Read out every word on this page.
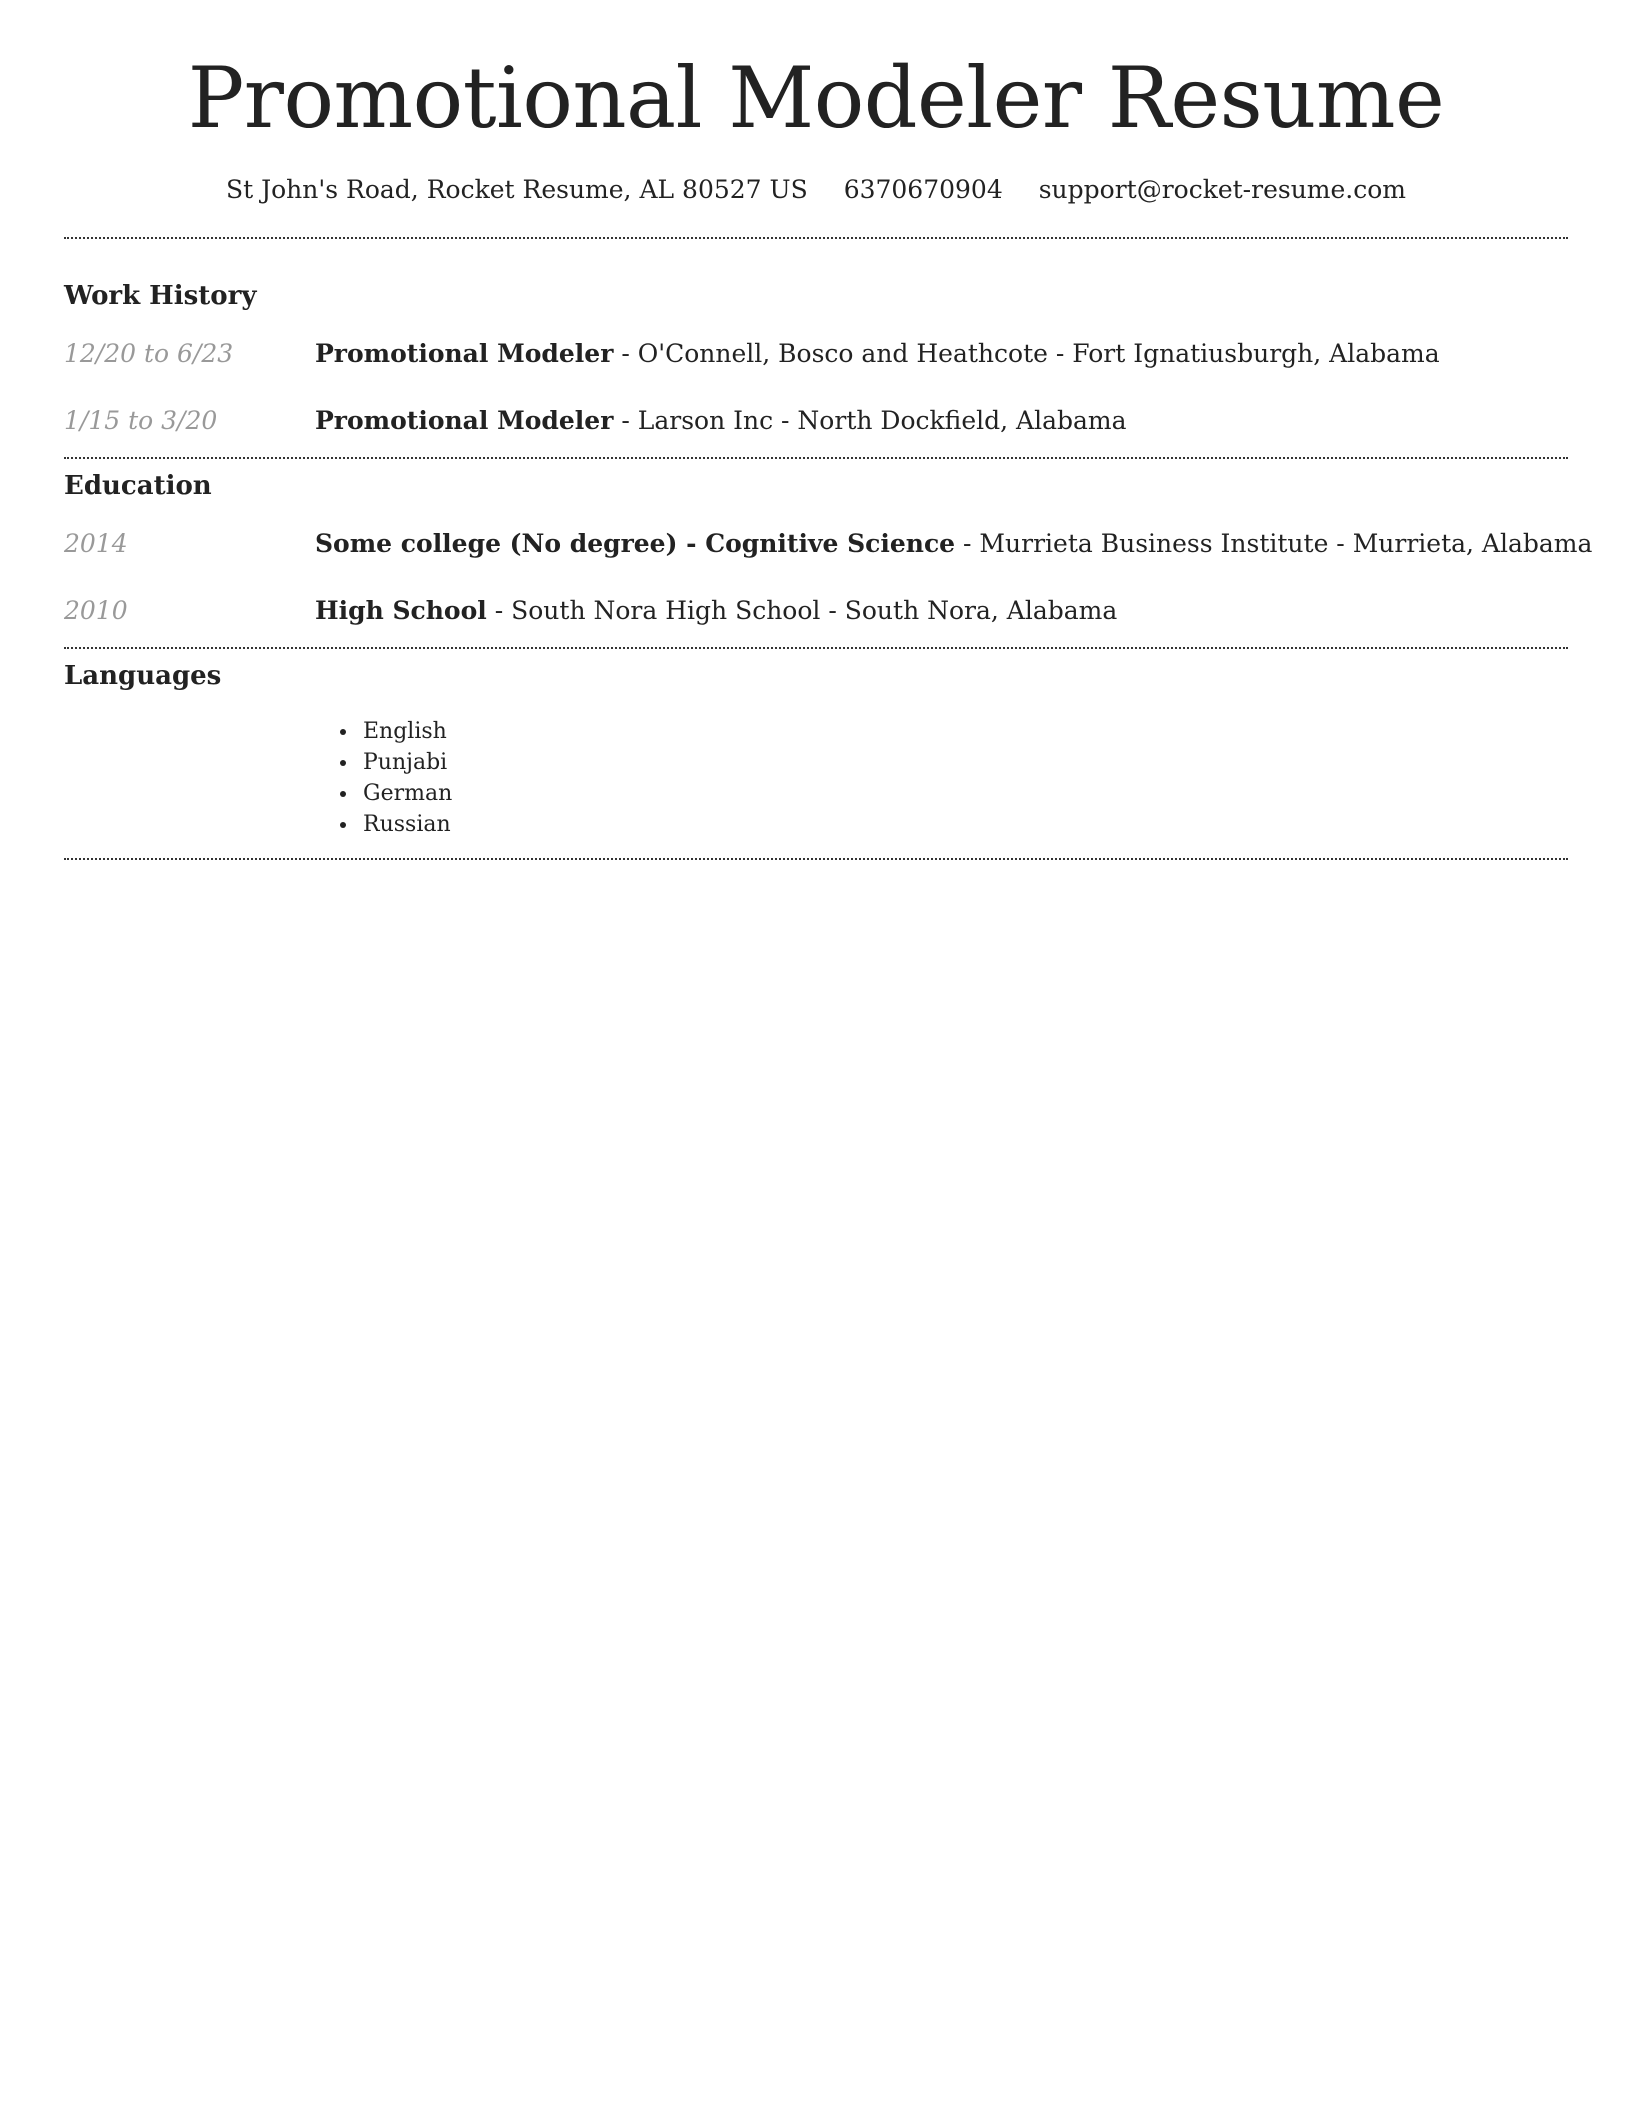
Promotional Modeler Resume
St John's Road, Rocket Resume, AL 80527 US 6370670904 support@rocket-resume.com
Work History
12/20 to 6/23	Promotional Modeler - O'Connell, Bosco and Heathcote - Fort Ignatiusburgh, Alabama
1/15 to 3/20	Promotional Modeler - Larson Inc - North Dockfield, Alabama
Education
2014	Some college (No degree) - Cognitive Science - Murrieta Business Institute - Murrieta, Alabama
2010	High School - South Nora High School - South Nora, Alabama
Languages
• English
• Punjabi
• German
• Russian
